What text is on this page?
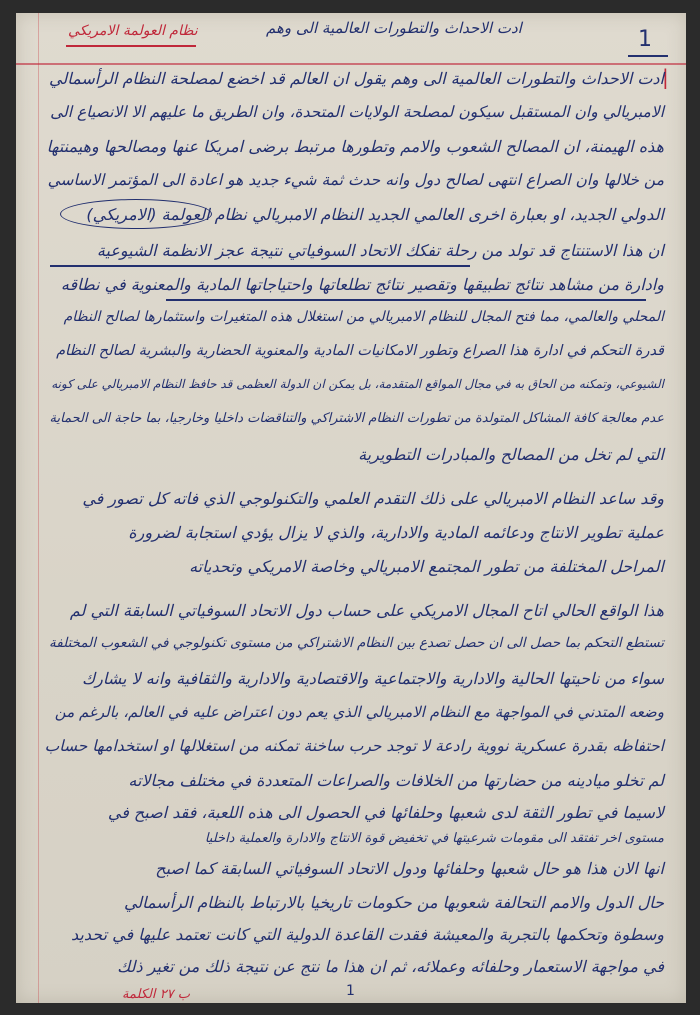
نظام العولمة الامريكي	ادت الاحداث والتطورات العالمية الى وهم	1
|
ادت الاحداث والتطورات العالمية الى وهم يقول ان العالم قد اخضع لمصلحة النظام الرأسمالي
الامبريالي وان المستقبل سيكون لمصلحة الولايات المتحدة، وان الطريق ما عليهم الا الانصياع الى
هذه الهيمنة، ان المصالح الشعوب والامم وتطورها مرتبط برضى امريكا عنها ومصالحها وهيمنتها
من خلالها وان الصراع انتهى لصالح دول وانه حدث ثمة شيء جديد هو اعادة الى المؤتمر الاساسي
الدولي الجديد، او بعبارة اخرى العالمي الجديد النظام الامبريالي نظام العولمة (الامريكي)
ان هذا الاستنتاج قد تولد من رحلة تفكك الاتحاد السوفياتي نتيجة عجز الانظمة الشيوعية
وادارة من مشاهد نتائج تطبيقها وتقصير نتائج تطلعاتها واحتياجاتها المادية والمعنوية في نطاقه
المحلي والعالمي، مما فتح المجال للنظام الامبريالي من استغلال هذه المتغيرات واستثمارها لصالح النظام
قدرة التحكم في ادارة هذا الصراع وتطور الامكانيات المادية والمعنوية الحضارية والبشرية لصالح النظام
الشيوعي، وتمكنه من الحاق به في مجال المواقع المتقدمة، بل يمكن ان الدولة العظمى قد حافظ النظام الامبريالي على كونه
عدم معالجة كافة المشاكل المتولدة من تطورات النظام الاشتراكي والتناقضات داخليا وخارجيا، بما حاجة الى الحماية
التي لم تخل من المصالح والمبادرات التطويرية
وقد ساعد النظام الامبريالي على ذلك التقدم العلمي والتكنولوجي الذي فاته كل تصور في
عملية تطوير الانتاج ودعائمه المادية والادارية، والذي لا يزال يؤدي استجابة لضرورة
المراحل المختلفة من تطور المجتمع الامبريالي وخاصة الامريكي وتحدياته
هذا الواقع الحالي اتاح المجال الامريكي على حساب دول الاتحاد السوفياتي السابقة التي لم
تستطع التحكم بما حصل الى ان حصل تصدع بين النظام الاشتراكي من مستوى تكنولوجي في الشعوب المختلفة
سواء من ناحيتها الحالية والادارية والاجتماعية والاقتصادية والادارية والثقافية وانه لا يشارك
وضعه المتدني في المواجهة مع النظام الامبريالي الذي يعم دون اعتراض عليه في العالم، بالرغم من
احتفاظه بقدرة عسكرية نووية رادعة لا توجد حرب ساخنة تمكنه من استغلالها او استخدامها حساب
لم تخلو ميادينه من حضارتها من الخلافات والصراعات المتعددة في مختلف مجالاته
لاسيما في تطور الثقة لدى شعبها وحلفائها في الحصول الى هذه اللعبة، فقد اصبح في
مستوى اخر تفتقد الى مقومات شرعيتها في تخفيض قوة الانتاج والادارة والعملية داخليا
انها الان هذا هو حال شعبها وحلفائها ودول الاتحاد السوفياتي السابقة كما اصبح
حال الدول والامم التحالفة شعوبها من حكومات تاريخيا بالارتباط بالنظام الرأسمالي
وسطوة وتحكمها بالتجربة والمعيشة فقدت القاعدة الدولية التي كانت تعتمد عليها في تحديد
في مواجهة الاستعمار وحلفائه وعملائه، ثم ان هذا ما نتج عن نتيجة ذلك من تغير ذلك
ب ٢٧ الكلمة	1
